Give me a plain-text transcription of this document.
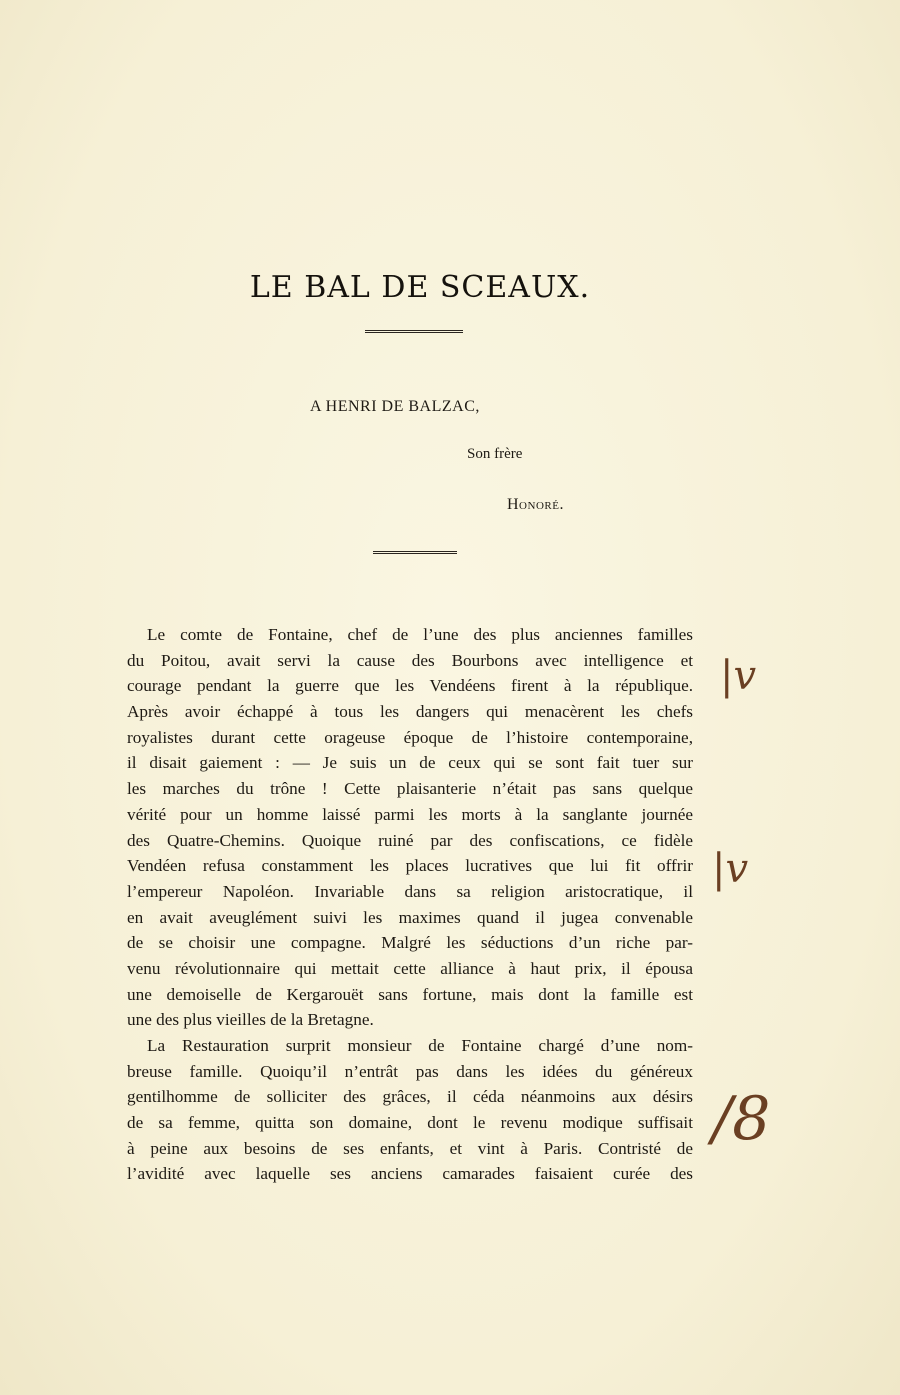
LE BAL DE SCEAUX.
A HENRI DE BALZAC,
Son frère
Honoré.

Le comte de Fontaine, chef de l’une des plus anciennes familles
du Poitou, avait servi la cause des Bourbons avec intelligence et
courage pendant la guerre que les Vendéens firent à la république.
Après avoir échappé à tous les dangers qui menacèrent les chefs
royalistes durant cette orageuse époque de l’histoire contemporaine,
il disait gaiement : — Je suis un de ceux qui se sont fait tuer sur
les marches du trône ! Cette plaisanterie n’était pas sans quelque
vérité pour un homme laissé parmi les morts à la sanglante journée
des Quatre-Chemins. Quoique ruiné par des confiscations, ce fidèle
Vendéen refusa constamment les places lucratives que lui fit offrir
l’empereur Napoléon. Invariable dans sa religion aristocratique, il
en avait aveuglément suivi les maximes quand il jugea convenable
de se choisir une compagne. Malgré les séductions d’un riche par-
venu révolutionnaire qui mettait cette alliance à haut prix, il épousa
une demoiselle de Kergarouët sans fortune, mais dont la famille est
une des plus vieilles de la Bretagne.

La Restauration surprit monsieur de Fontaine chargé d’une nom-
breuse famille. Quoiqu’il n’entrât pas dans les idées du généreux
gentilhomme de solliciter des grâces, il céda néanmoins aux désirs
de sa femme, quitta son domaine, dont le revenu modique suffisait
à peine aux besoins de ses enfants, et vint à Paris. Contristé de
l’avidité avec laquelle ses anciens camarades faisaient curée des

|v
|v
/8
